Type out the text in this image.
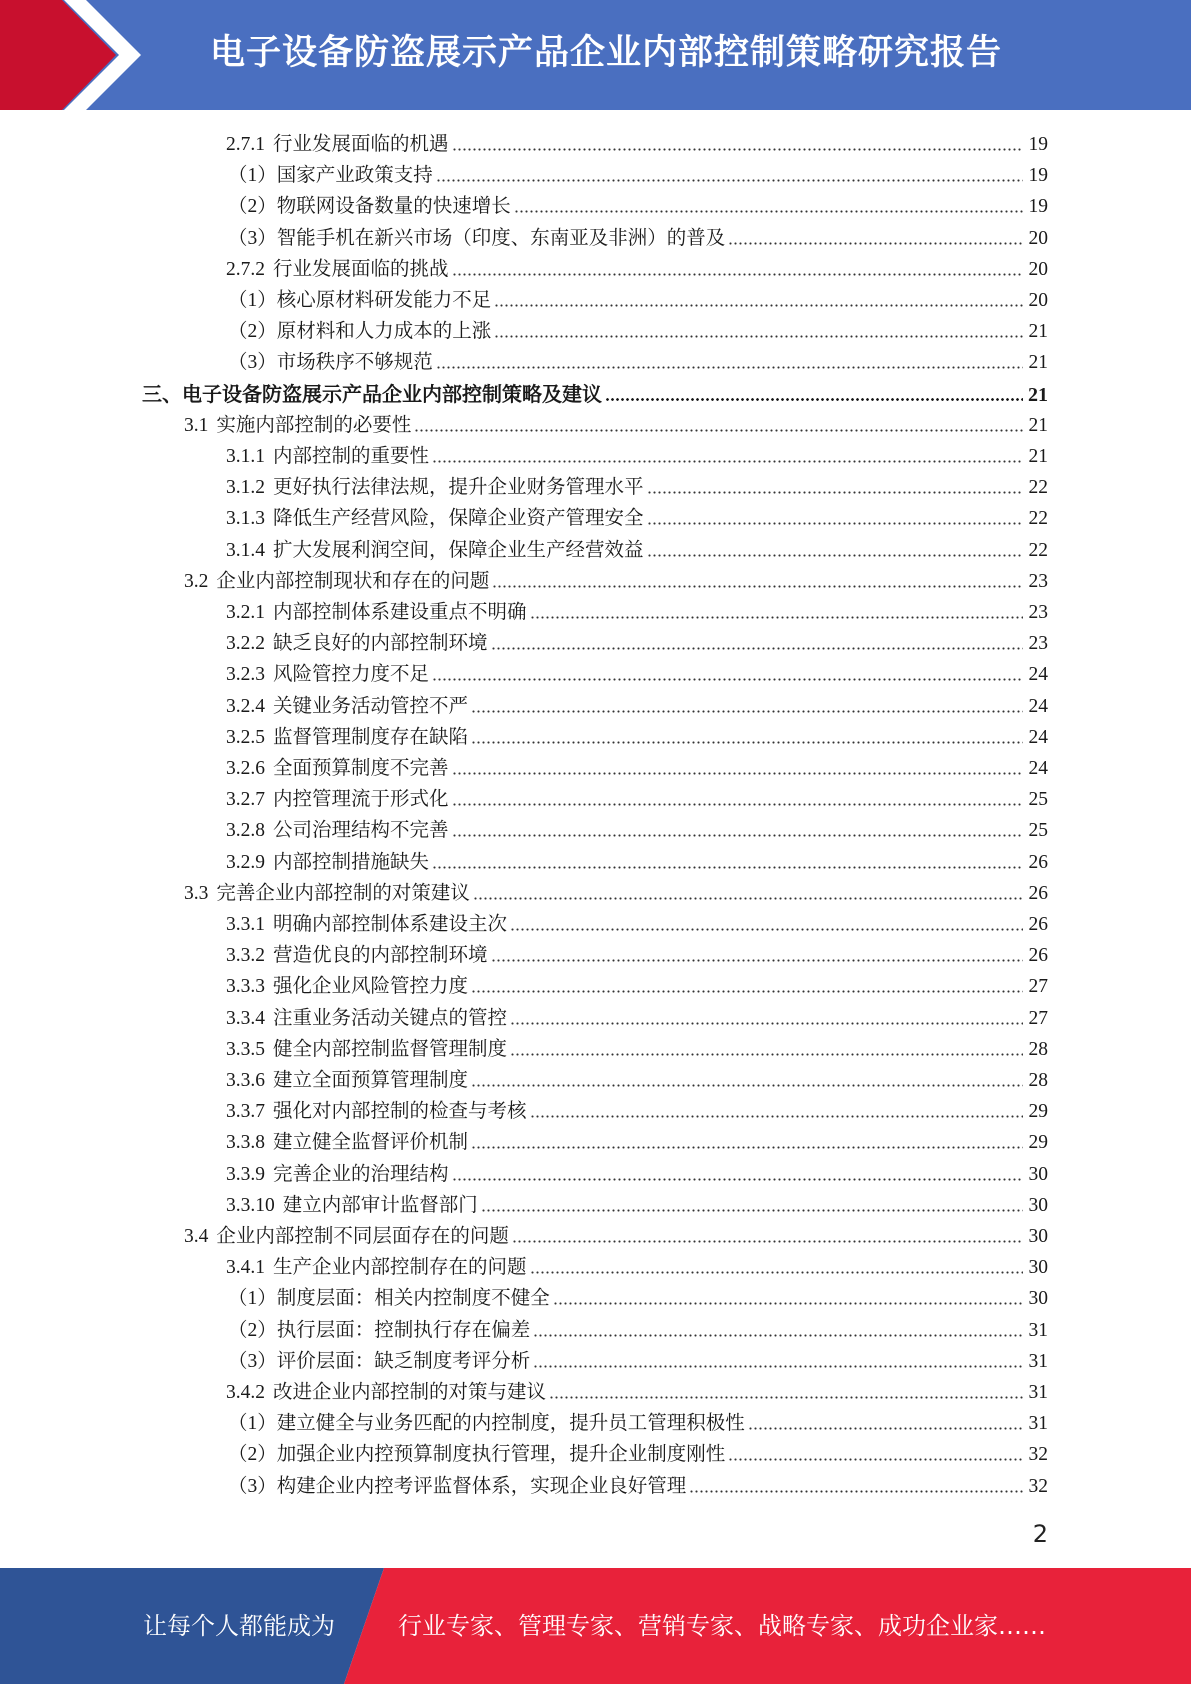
电子设备防盗展示产品企业内部控制策略研究报告
2.7.1 行业发展面临的机遇	19
（1）国家产业政策支持	19
（2）物联网设备数量的快速增长	19
（3）智能手机在新兴市场（印度、东南亚及非洲）的普及	20
2.7.2 行业发展面临的挑战	20
（1）核心原材料研发能力不足	20
（2）原材料和人力成本的上涨	21
（3）市场秩序不够规范	21
三、电子设备防盗展示产品企业内部控制策略及建议	21
3.1 实施内部控制的必要性	21
3.1.1 内部控制的重要性	21
3.1.2 更好执行法律法规，提升企业财务管理水平	22
3.1.3 降低生产经营风险，保障企业资产管理安全	22
3.1.4 扩大发展利润空间，保障企业生产经营效益	22
3.2 企业内部控制现状和存在的问题	23
3.2.1 内部控制体系建设重点不明确	23
3.2.2 缺乏良好的内部控制环境	23
3.2.3 风险管控力度不足	24
3.2.4 关键业务活动管控不严	24
3.2.5 监督管理制度存在缺陷	24
3.2.6 全面预算制度不完善	24
3.2.7 内控管理流于形式化	25
3.2.8 公司治理结构不完善	25
3.2.9 内部控制措施缺失	26
3.3 完善企业内部控制的对策建议	26
3.3.1 明确内部控制体系建设主次	26
3.3.2 营造优良的内部控制环境	26
3.3.3 强化企业风险管控力度	27
3.3.4 注重业务活动关键点的管控	27
3.3.5 健全内部控制监督管理制度	28
3.3.6 建立全面预算管理制度	28
3.3.7 强化对内部控制的检查与考核	29
3.3.8 建立健全监督评价机制	29
3.3.9 完善企业的治理结构	30
3.3.10 建立内部审计监督部门	30
3.4 企业内部控制不同层面存在的问题	30
3.4.1 生产企业内部控制存在的问题	30
（1）制度层面：相关内控制度不健全	30
（2）执行层面：控制执行存在偏差	31
（3）评价层面：缺乏制度考评分析	31
3.4.2 改进企业内部控制的对策与建议	31
（1）建立健全与业务匹配的内控制度，提升员工管理积极性	31
（2）加强企业内控预算制度执行管理，提升企业制度刚性	32
（3）构建企业内控考评监督体系，实现企业良好管理	32
2
让每个人都能成为	行业专家、管理专家、营销专家、战略专家、成功企业家……
